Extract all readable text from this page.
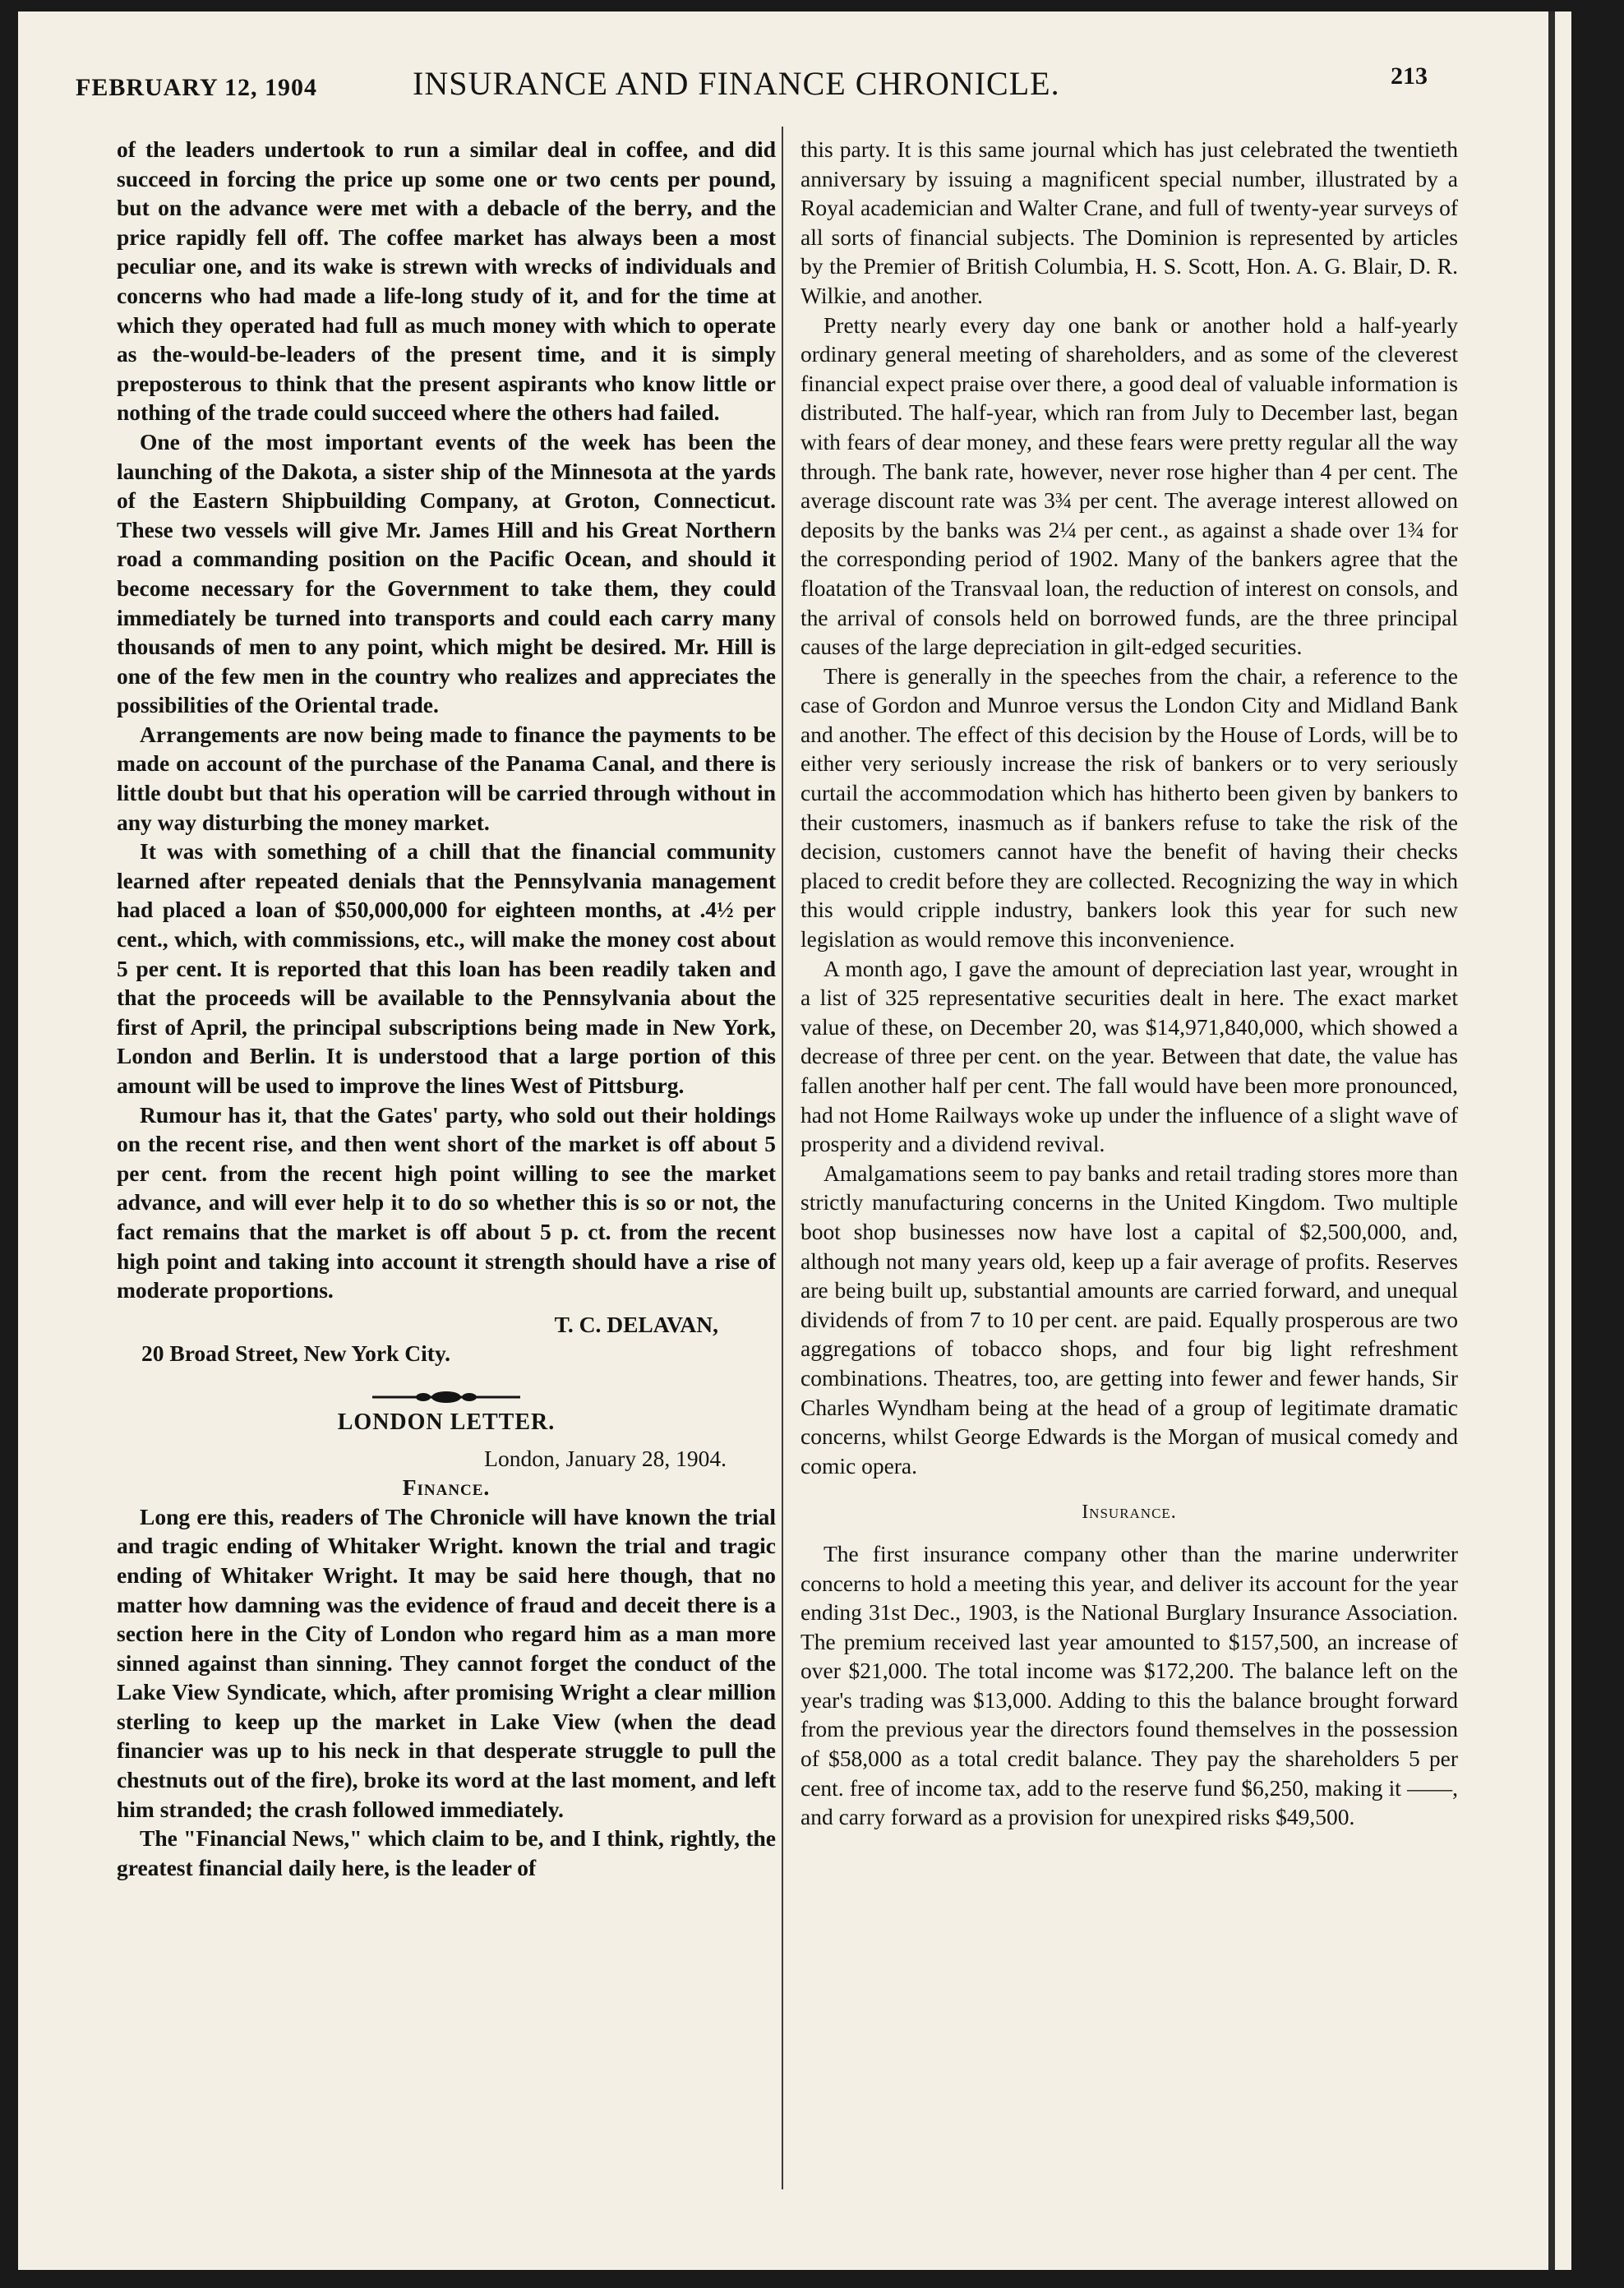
FEBRUARY 12, 1904	INSURANCE AND FINANCE CHRONICLE.	213

of the leaders undertook to run a similar deal in coffee, and did succeed in forcing the price up some one or two cents per pound, but on the advance were met with a debacle of the berry, and the price rapidly fell off. The coffee market has always been a most peculiar one, and its wake is strewn with wrecks of individuals and concerns who had made a life-long study of it, and for the time at which they operated had full as much money with which to operate as the-would-be-leaders of the present time, and it is simply preposterous to think that the present aspirants who know little or nothing of the trade could succeed where the others had failed.

One of the most important events of the week has been the launching of the Dakota, a sister ship of the Minnesota at the yards of the Eastern Shipbuilding Company, at Groton, Connecticut. These two vessels will give Mr. James Hill and his Great Northern road a commanding position on the Pacific Ocean, and should it become necessary for the Government to take them, they could immediately be turned into transports and could each carry many thousands of men to any point, which might be desired. Mr. Hill is one of the few men in the country who realizes and appreciates the possibilities of the Oriental trade.

Arrangements are now being made to finance the payments to be made on account of the purchase of the Panama Canal, and there is little doubt but that his operation will be carried through without in any way disturbing the money market.

It was with something of a chill that the financial community learned after repeated denials that the Pennsylvania management had placed a loan of $50,000,000 for eighteen months, at .4½ per cent., which, with commissions, etc., will make the money cost about 5 per cent. It is reported that this loan has been readily taken and that the proceeds will be available to the Pennsylvania about the first of April, the principal subscriptions being made in New York, London and Berlin. It is understood that a large portion of this amount will be used to improve the lines West of Pittsburg.

Rumour has it, that the Gates' party, who sold out their holdings on the recent rise, and then went short of the market is off about 5 per cent. from the recent high point willing to see the market advance, and will ever help it to do so whether this is so or not, the fact remains that the market is off about 5 p. ct. from the recent high point and taking into account it strength should have a rise of moderate proportions.

T. C. DELAVAN,

20 Broad Street, New York City.

LONDON LETTER.
London, January 28, 1904.
Finance.

Long ere this, readers of The Chronicle will have known the trial and tragic ending of Whitaker Wright. known the trial and tragic ending of Whitaker Wright. It may be said here though, that no matter how damning was the evidence of fraud and deceit there is a section here in the City of London who regard him as a man more sinned against than sinning. They cannot forget the conduct of the Lake View Syndicate, which, after promising Wright a clear million sterling to keep up the market in Lake View (when the dead financier was up to his neck in that desperate struggle to pull the chestnuts out of the fire), broke its word at the last moment, and left him stranded; the crash followed immediately.

The "Financial News," which claim to be, and I think, rightly, the greatest financial daily here, is the leader of

this party. It is this same journal which has just celebrated the twentieth anniversary by issuing a magnificent special number, illustrated by a Royal academician and Walter Crane, and full of twenty-year surveys of all sorts of financial subjects. The Dominion is represented by articles by the Premier of British Columbia, H. S. Scott, Hon. A. G. Blair, D. R. Wilkie, and another.

Pretty nearly every day one bank or another hold a half-yearly ordinary general meeting of shareholders, and as some of the cleverest financial expect praise over there, a good deal of valuable information is distributed. The half-year, which ran from July to December last, began with fears of dear money, and these fears were pretty regular all the way through. The bank rate, however, never rose higher than 4 per cent. The average discount rate was 3¾ per cent. The average interest allowed on deposits by the banks was 2¼ per cent., as against a shade over 1¾ for the corresponding period of 1902. Many of the bankers agree that the floatation of the Transvaal loan, the reduction of interest on consols, and the arrival of consols held on borrowed funds, are the three principal causes of the large depreciation in gilt-edged securities.

There is generally in the speeches from the chair, a reference to the case of Gordon and Munroe versus the London City and Midland Bank and another. The effect of this decision by the House of Lords, will be to either very seriously increase the risk of bankers or to very seriously curtail the accommodation which has hitherto been given by bankers to their customers, inasmuch as if bankers refuse to take the risk of the decision, customers cannot have the benefit of having their checks placed to credit before they are collected. Recognizing the way in which this would cripple industry, bankers look this year for such new legislation as would remove this inconvenience.

A month ago, I gave the amount of depreciation last year, wrought in a list of 325 representative securities dealt in here. The exact market value of these, on December 20, was $14,971,840,000, which showed a decrease of three per cent. on the year. Between that date, the value has fallen another half per cent. The fall would have been more pronounced, had not Home Railways woke up under the influence of a slight wave of prosperity and a dividend revival.

Amalgamations seem to pay banks and retail trading stores more than strictly manufacturing concerns in the United Kingdom. Two multiple boot shop businesses now have lost a capital of $2,500,000, and, although not many years old, keep up a fair average of profits. Reserves are being built up, substantial amounts are carried forward, and unequal dividends of from 7 to 10 per cent. are paid. Equally prosperous are two aggregations of tobacco shops, and four big light refreshment combinations. Theatres, too, are getting into fewer and fewer hands, Sir Charles Wyndham being at the head of a group of legitimate dramatic concerns, whilst George Edwards is the Morgan of musical comedy and comic opera.

Insurance.

The first insurance company other than the marine underwriter concerns to hold a meeting this year, and deliver its account for the year ending 31st Dec., 1903, is the National Burglary Insurance Association. The premium received last year amounted to $157,500, an increase of over $21,000. The total income was $172,200. The balance left on the year's trading was $13,000. Adding to this the balance brought forward from the previous year the directors found themselves in the possession of $58,000 as a total credit balance. They pay the shareholders 5 per cent. free of income tax, add to the reserve fund $6,250, making it ——, and carry forward as a provision for unexpired risks $49,500.
